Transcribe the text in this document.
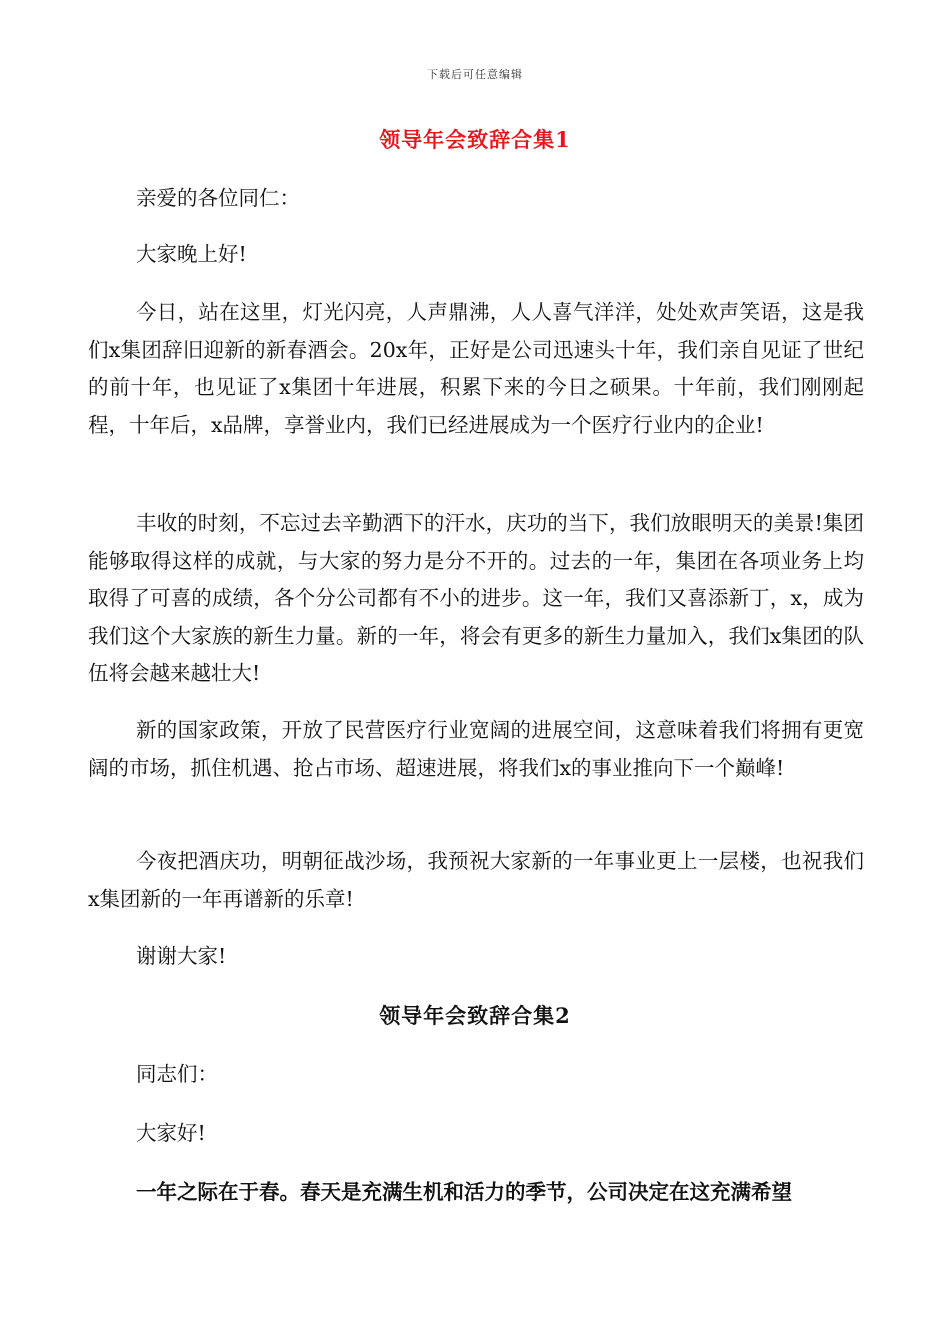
下载后可任意编辑
领导年会致辞合集1

亲爱的各位同仁：

大家晚上好!

今日，站在这里，灯光闪亮，人声鼎沸，人人喜气洋洋，处处欢声笑语，这是我们x集团辞旧迎新的新春酒会。20x年，正好是公司迅速头十年，我们亲自见证了世纪的前十年，也见证了x集团十年进展，积累下来的今日之硕果。十年前，我们刚刚起程，十年后，x品牌，享誉业内，我们已经进展成为一个医疗行业内的企业!

丰收的时刻，不忘过去辛勤洒下的汗水，庆功的当下，我们放眼明天的美景!集团能够取得这样的成就，与大家的努力是分不开的。过去的一年，集团在各项业务上均取得了可喜的成绩，各个分公司都有不小的进步。这一年，我们又喜添新丁，x，成为我们这个大家族的新生力量。新的一年，将会有更多的新生力量加入，我们x集团的队伍将会越来越壮大!

新的国家政策，开放了民营医疗行业宽阔的进展空间，这意味着我们将拥有更宽阔的市场，抓住机遇、抢占市场、超速进展，将我们x的事业推向下一个巅峰!

今夜把酒庆功，明朝征战沙场，我预祝大家新的一年事业更上一层楼，也祝我们x集团新的一年再谱新的乐章!

谢谢大家!

领导年会致辞合集2

同志们：

大家好!

一年之际在于春。春天是充满生机和活力的季节，公司决定在这充满希望
